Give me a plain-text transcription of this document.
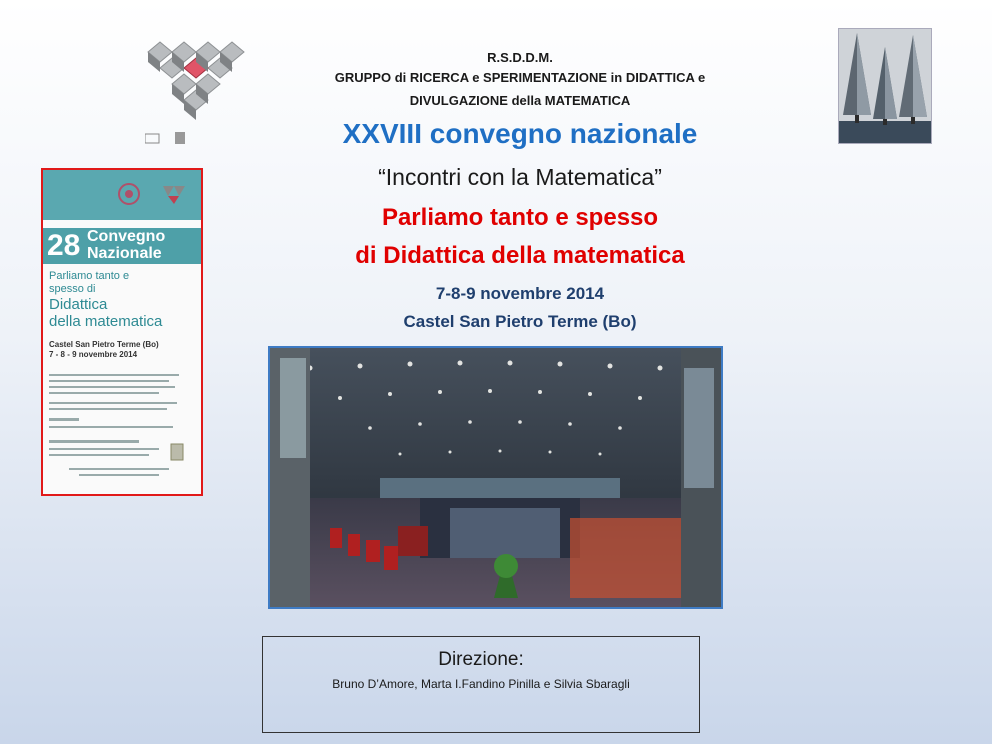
R.S.D.D.M.
GRUPPO di RICERCA e SPERIMENTAZIONE in DIDATTICA e
DIVULGAZIONE della MATEMATICA
XXVIII convegno nazionale
“Incontri con la Matematica”
Parliamo tanto e spesso
di Didattica della matematica
7-8-9 novembre 2014
Castel San Pietro Terme (Bo)
28 Convegno
Nazionale
Parliamo tanto e
spesso di
Didattica
della matematica
Castel San Pietro Terme (Bo)
7 - 8 - 9 novembre 2014
Direzione:
Bruno D’Amore, Marta I.Fandino Pinilla e Silvia Sbaragli
